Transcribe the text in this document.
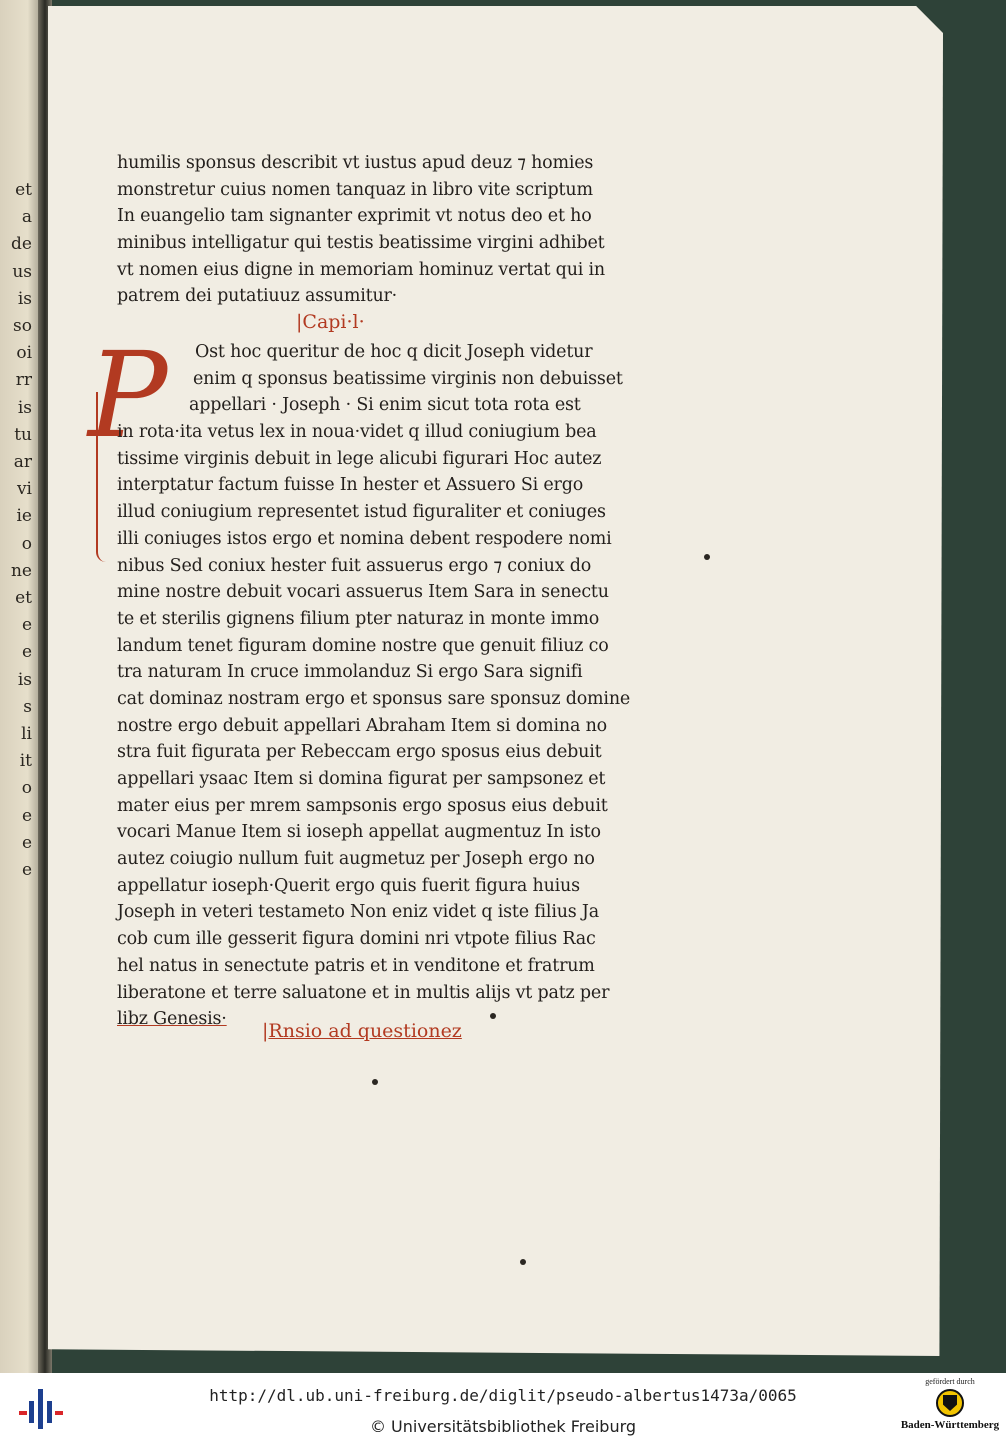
et
a
de
us
is
so
oi
rr
is
tu
ar
vi
ie
o
ne
et
e
e
is
s
li
it
o
e
e
e
humilis sponsus describit vt iustus apud deuz ⁊ homies
monstretur cuius nomen tanquaz in libro vite scriptum
In euangelio tam signanter exprimit vt notus deo et ho
minibus intelligatur qui testis beatissime virgini adhibet
vt nomen eius digne in memoriam hominuz vertat qui in
patrem dei putatiuuz assumitur·
|Capi·l·
P	Ost hoc queritur de hoc q dicit Joseph videtur
enim q sponsus beatissime virginis non debuisset
appellari · Joseph · Si enim sicut tota rota est
in rota·ita vetus lex in noua·videt q illud coniugium bea
tissime virginis debuit in lege alicubi figurari Hoc autez
interptatur factum fuisse In hester et Assuero Si ergo
illud coniugium representet istud figuraliter et coniuges
illi coniuges istos ergo et nomina debent respodere nomi
nibus Sed coniux hester fuit assuerus ergo ⁊ coniux do
mine nostre debuit vocari assuerus Item Sara in senectu
te et sterilis gignens filium pter naturaz in monte immo
landum tenet figuram domine nostre que genuit filiuz co
tra naturam In cruce immolanduz Si ergo Sara signifi
cat dominaz nostram ergo et sponsus sare sponsuz domine
nostre ergo debuit appellari Abraham Item si domina no
stra fuit figurata per Rebeccam ergo sposus eius debuit
appellari ysaac Item si domina figurat per sampsonez et
mater eius per mrem sampsonis ergo sposus eius debuit
vocari Manue Item si ioseph appellat augmentuz In isto
autez coiugio nullum fuit augmetuz per Joseph ergo no
appellatur ioseph·Querit ergo quis fuerit figura huius
Joseph in veteri testameto Non eniz videt q iste filius Ja
cob cum ille gesserit figura domini nri vtpote filius Rac
hel natus in senectute patris et in venditone et fratrum
liberatone et terre saluatone et in multis alijs vt patz per
libz Genesis·
|Rnsio ad questionez
http://dl.ub.uni-freiburg.de/diglit/pseudo-albertus1473a/0065
© Universitätsbibliothek Freiburg
gefördert durch
Baden-Württemberg
